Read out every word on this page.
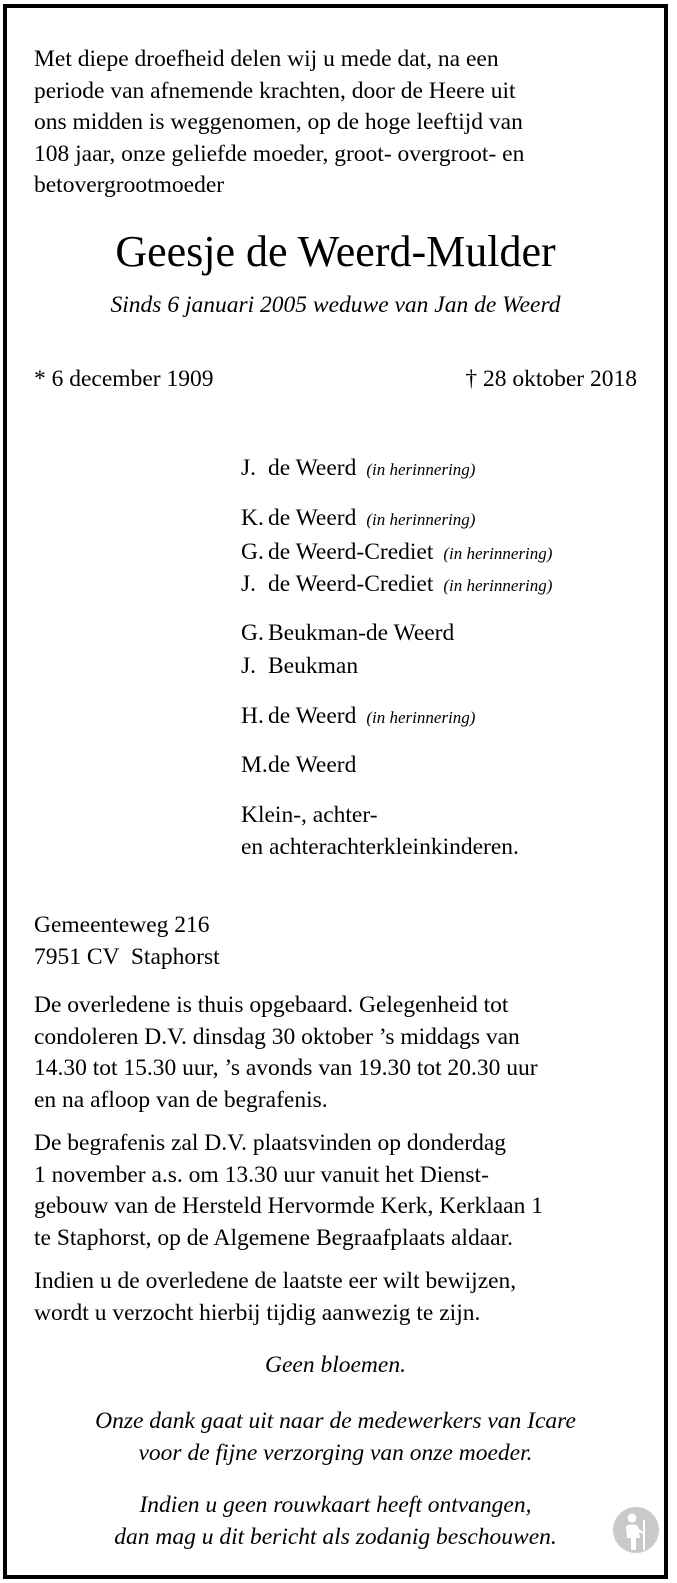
Met diepe droefheid delen wij u mede dat, na een
periode van afnemende krachten, door de Heere uit
ons midden is weggenomen, op de hoge leeftijd van
108 jaar, onze geliefde moeder, groot- overgroot- en
betovergrootmoeder
Geesje de Weerd-Mulder
Sinds 6 januari 2005 weduwe van Jan de Weerd
* 6 december 1909	† 28 oktober 2018
J. de Weerd (in herinnering)
K. de Weerd (in herinnering)
G. de Weerd-Crediet (in herinnering)
J. de Weerd-Crediet (in herinnering)
G. Beukman-de Weerd
J. Beukman
H. de Weerd (in herinnering)
M.de Weerd
Klein-, achter-
en achterachterkleinkinderen.
Gemeenteweg 216
7951 CV  Staphorst
De overledene is thuis opgebaard. Gelegenheid tot
condoleren D.V. dinsdag 30 oktober ’s middags van
14.30 tot 15.30 uur, ’s avonds van 19.30 tot 20.30 uur
en na afloop van de begrafenis.
De begrafenis zal D.V. plaatsvinden op donderdag
1 november a.s. om 13.30 uur vanuit het Dienst-
gebouw van de Hersteld Hervormde Kerk, Kerklaan 1
te Staphorst, op de Algemene Begraafplaats aldaar.
Indien u de overledene de laatste eer wilt bewijzen,
wordt u verzocht hierbij tijdig aanwezig te zijn.
Geen bloemen.
Onze dank gaat uit naar de medewerkers van Icare
voor de fijne verzorging van onze moeder.
Indien u geen rouwkaart heeft ontvangen,
dan mag u dit bericht als zodanig beschouwen.
